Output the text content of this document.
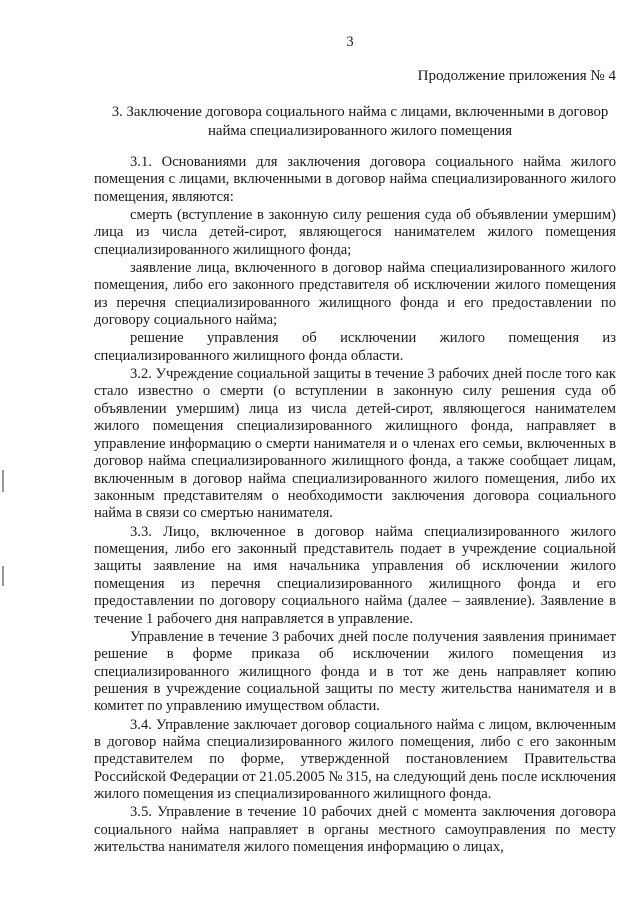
3
Продолжение приложения № 4
3. Заключение договора социального найма с лицами, включенными в договор найма специализированного жилого помещения

3.1. Основаниями для заключения договора социального найма жилого помещения с лицами, включенными в договор найма специализированного жилого помещения, являются:

смерть (вступление в законную силу решения суда об объявлении умершим) лица из числа детей-сирот, являющегося нанимателем жилого помещения специализированного жилищного фонда;

заявление лица, включенного в договор найма специализированного жилого помещения, либо его законного представителя об исключении жилого помещения из перечня специализированного жилищного фонда и его предоставлении по договору социального найма;

решение управления об исключении жилого помещения из специализированного жилищного фонда области.

3.2. Учреждение социальной защиты в течение 3 рабочих дней после того как стало известно о смерти (о вступлении в законную силу решения суда об объявлении умершим) лица из числа детей-сирот, являющегося нанимателем жилого помещения специализированного жилищного фонда, направляет в управление информацию о смерти нанимателя и о членах его семьи, включенных в договор найма специализированного жилищного фонда, а также сообщает лицам, включенным в договор найма специализированного жилого помещения, либо их законным представителям о необходимости заключения договора социального найма в связи со смертью нанимателя.

3.3. Лицо, включенное в договор найма специализированного жилого помещения, либо его законный представитель подает в учреждение социальной защиты заявление на имя начальника управления об исключении жилого помещения из перечня специализированного жилищного фонда и его предоставлении по договору социального найма (далее – заявление). Заявление в течение 1 рабочего дня направляется в управление.

Управление в течение 3 рабочих дней после получения заявления принимает решение в форме приказа об исключении жилого помещения из специализированного жилищного фонда и в тот же день направляет копию решения в учреждение социальной защиты по месту жительства нанимателя и в комитет по управлению имуществом области.

3.4. Управление заключает договор социального найма с лицом, включенным в договор найма специализированного жилого помещения, либо с его законным представителем по форме, утвержденной постановлением Правительства Российской Федерации от 21.05.2005 № 315, на следующий день после исключения жилого помещения из специализированного жилищного фонда.

3.5. Управление в течение 10 рабочих дней с момента заключения договора социального найма направляет в органы местного самоуправления по месту жительства нанимателя жилого помещения информацию о лицах,
